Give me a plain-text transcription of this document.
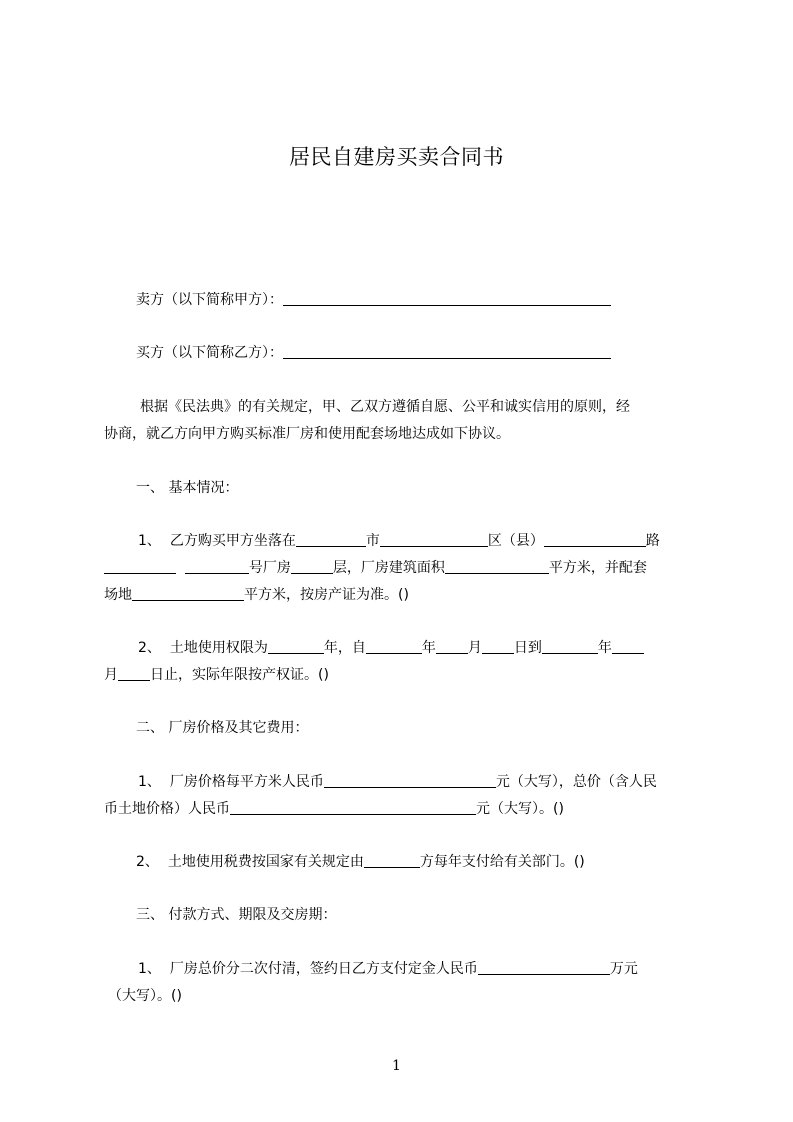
居民自建房买卖合同书
卖方（以下简称甲方）：
买方（以下简称乙方）：
根据《民法典》的有关规定，甲、乙双方遵循自愿、公平和诚实信用的原则，经
协商，就乙方向甲方购买标准厂房和使用配套场地达成如下协议。
一、 基本情况：
1、 乙方购买甲方坐落在	市	区（县）	路
号厂房	层，厂房建筑面积	平方米，并配套
场地	平方米，按房产证为准。()
2、 土地使用权限为	年，自	年 月 日到	年
月 日止，实际年限按产权证。()
二、 厂房价格及其它费用：
1、 厂房价格每平方米人民币	元（大写），总价（含人民
币土地价格）人民币	元（大写）。()
2、 土地使用税费按国家有关规定由	方每年支付给有关部门。()
三、 付款方式、期限及交房期：
1、 厂房总价分二次付清，签约日乙方支付定金人民币	万元
（大写）。()
1
